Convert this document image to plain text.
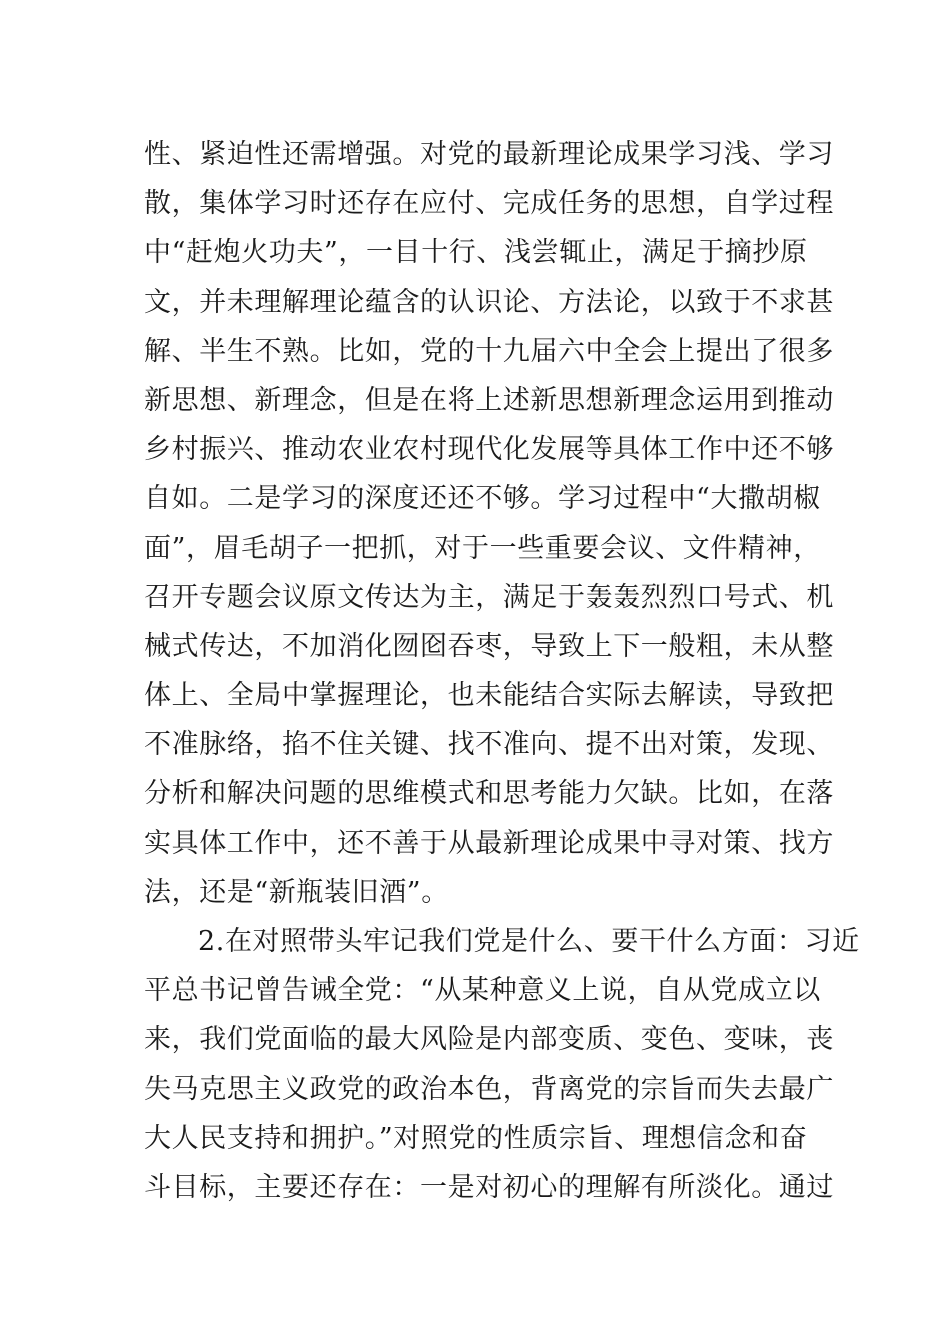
性、紧迫性还需增强。对党的最新理论成果学习浅、学习
散，集体学习时还存在应付、完成任务的思想，自学过程
中“赶炮火功夫”，一目十行、浅尝辄止，满足于摘抄原
文，并未理解理论蕴含的认识论、方法论，以致于不求甚
解、半生不熟。比如，党的十九届六中全会上提出了很多
新思想、新理念，但是在将上述新思想新理念运用到推动
乡村振兴、推动农业农村现代化发展等具体工作中还不够
自如。二是学习的深度还还不够。学习过程中“大撒胡椒
面”，眉毛胡子一把抓，对于一些重要会议、文件精神，
召开专题会议原文传达为主，满足于轰轰烈烈口号式、机
械式传达，不加消化囫囵吞枣，导致上下一般粗，未从整
体上、全局中掌握理论，也未能结合实际去解读，导致把
不准脉络，掐不住关键、找不准向、提不出对策，发现、
分析和解决问题的思维模式和思考能力欠缺。比如，在落
实具体工作中，还不善于从最新理论成果中寻对策、找方
法，还是“新瓶装旧酒”。
2.在对照带头牢记我们党是什么、要干什么方面：习近
平总书记曾告诫全党：“从某种意义上说，自从党成立以
来，我们党面临的最大风险是内部变质、变色、变味，丧
失马克思主义政党的政治本色，背离党的宗旨而失去最广
大人民支持和拥护。”对照党的性质宗旨、理想信念和奋
斗目标，主要还存在：一是对初心的理解有所淡化。通过
